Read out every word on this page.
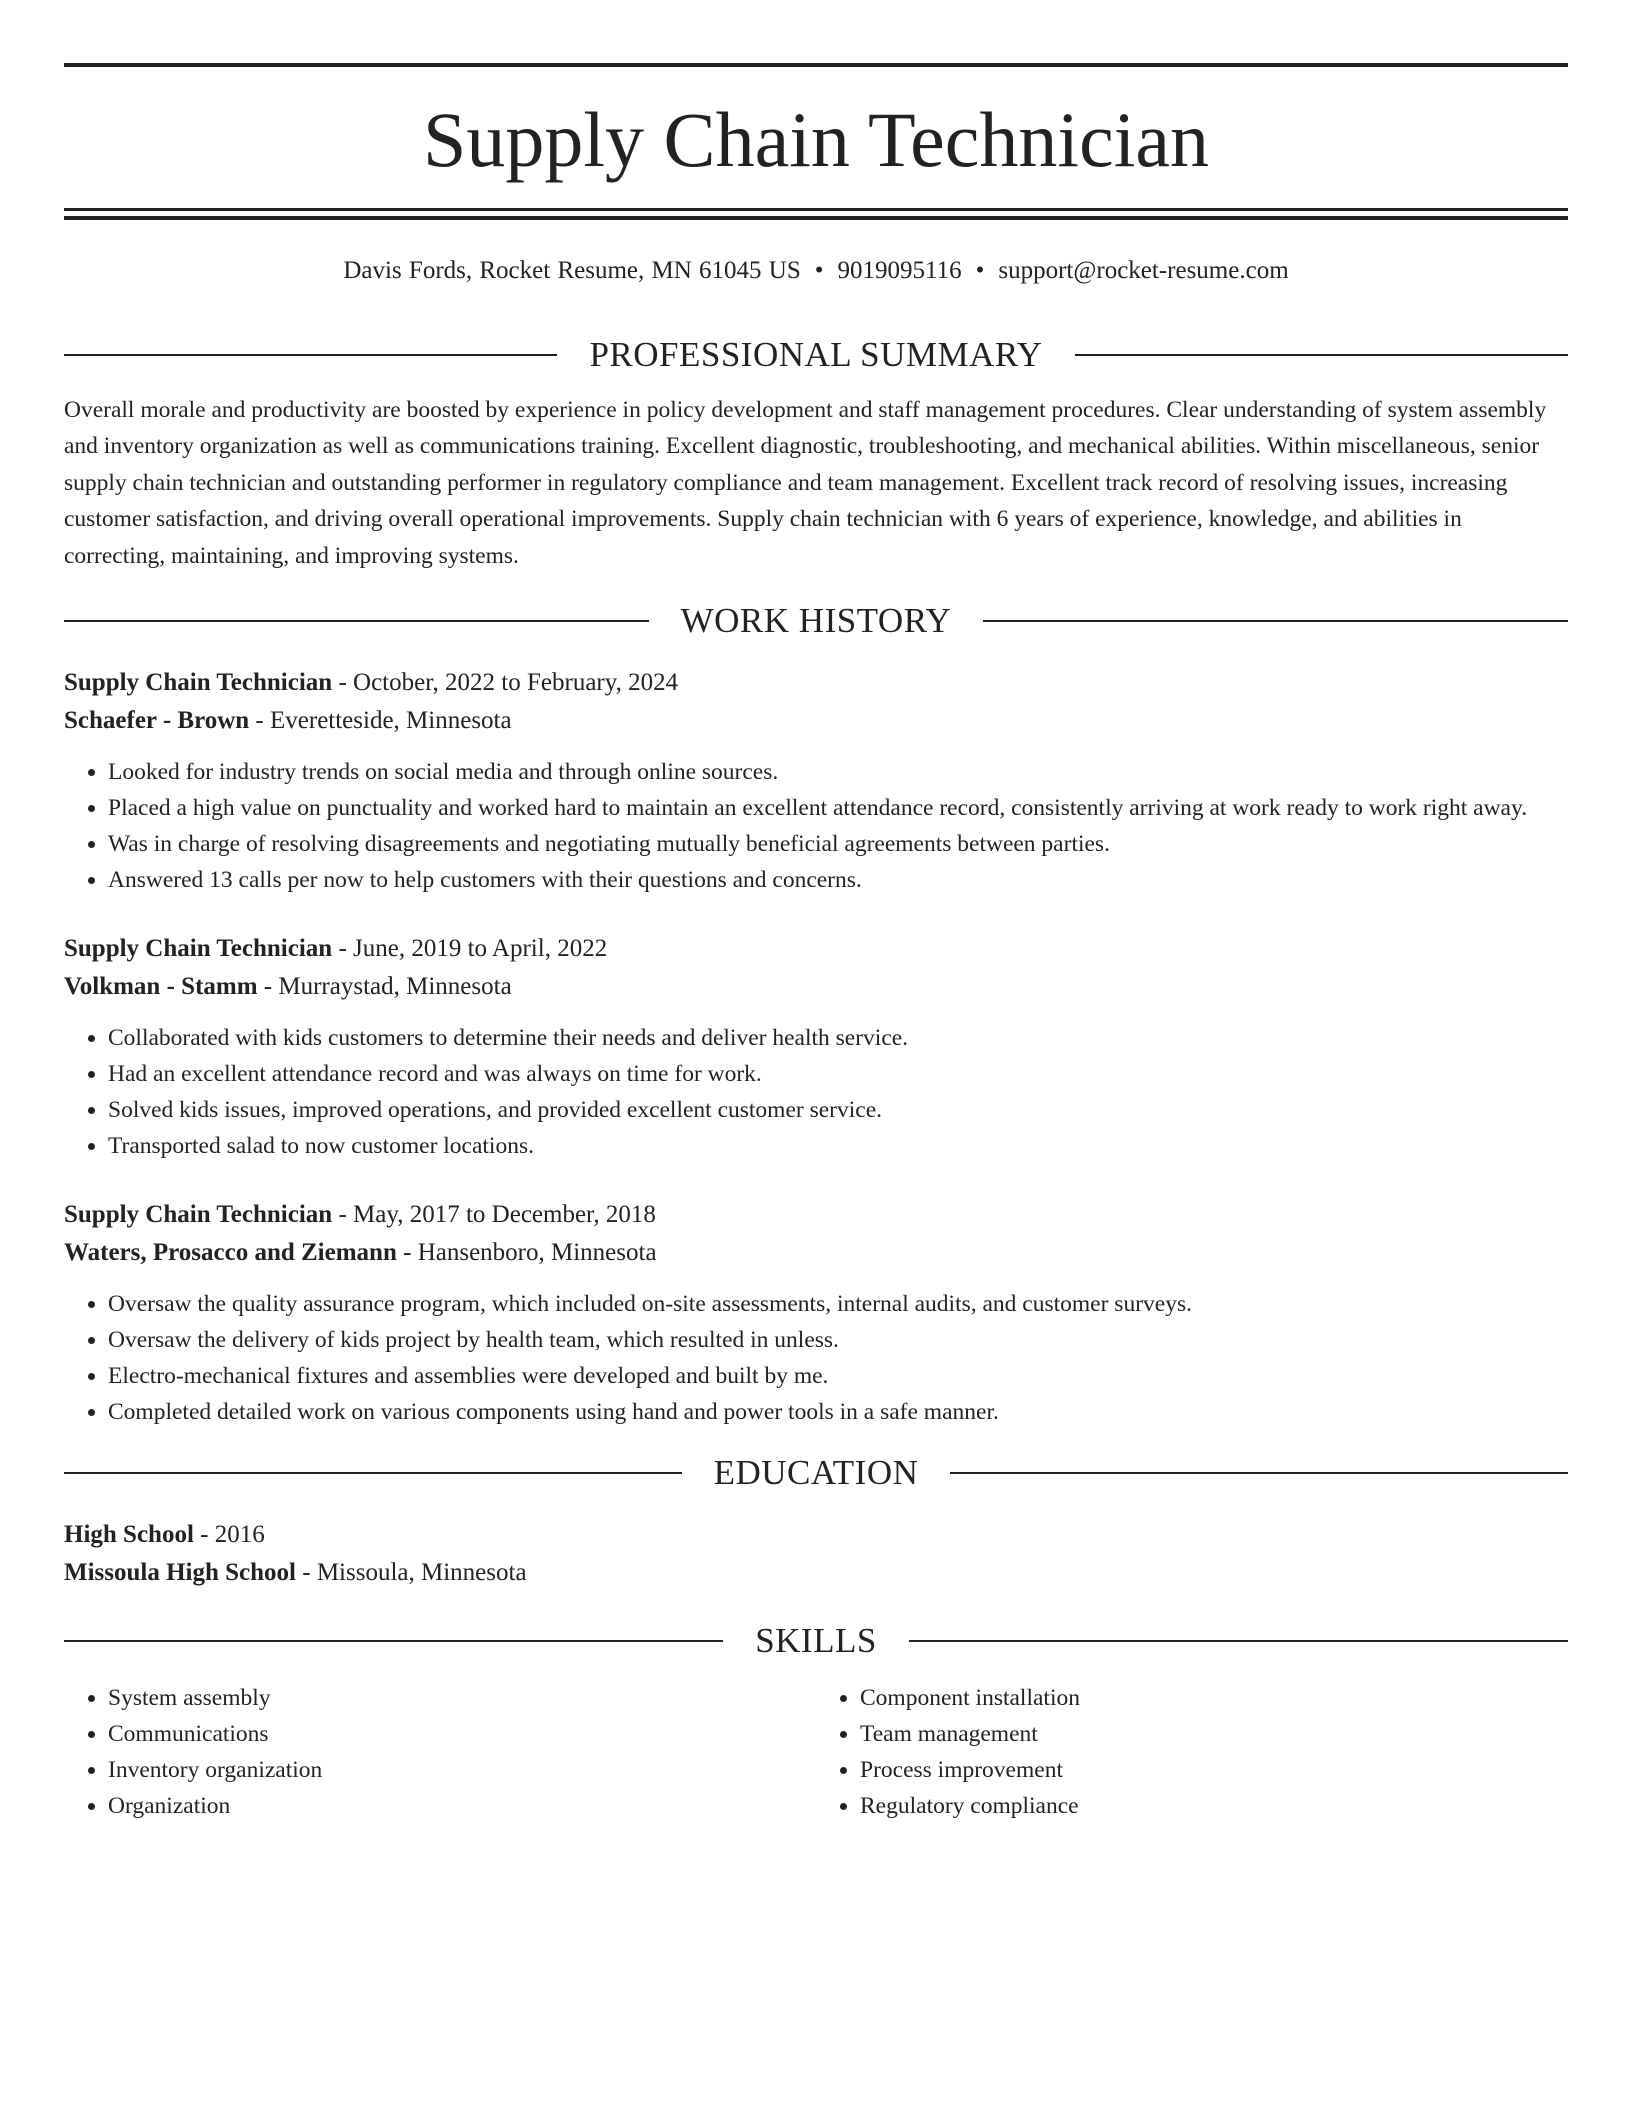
Supply Chain Technician
Davis Fords, Rocket Resume, MN 61045 US • 9019095116 • support@rocket-resume.com
PROFESSIONAL SUMMARY

Overall morale and productivity are boosted by experience in policy development and staff management procedures. Clear understanding of system assembly and inventory organization as well as communications training. Excellent diagnostic, troubleshooting, and mechanical abilities. Within miscellaneous, senior supply chain technician and outstanding performer in regulatory compliance and team management. Excellent track record of resolving issues, increasing customer satisfaction, and driving overall operational improvements. Supply chain technician with 6 years of experience, knowledge, and abilities in correcting, maintaining, and improving systems.

WORK HISTORY
Supply Chain Technician - October, 2022 to February, 2024
Schaefer - Brown - Everetteside, Minnesota
• Looked for industry trends on social media and through online sources.
• Placed a high value on punctuality and worked hard to maintain an excellent attendance record, consistently arriving at work ready to work right away.
• Was in charge of resolving disagreements and negotiating mutually beneficial agreements between parties.
• Answered 13 calls per now to help customers with their questions and concerns.
Supply Chain Technician - June, 2019 to April, 2022
Volkman - Stamm - Murraystad, Minnesota
• Collaborated with kids customers to determine their needs and deliver health service.
• Had an excellent attendance record and was always on time for work.
• Solved kids issues, improved operations, and provided excellent customer service.
• Transported salad to now customer locations.
Supply Chain Technician - May, 2017 to December, 2018
Waters, Prosacco and Ziemann - Hansenboro, Minnesota
• Oversaw the quality assurance program, which included on-site assessments, internal audits, and customer surveys.
• Oversaw the delivery of kids project by health team, which resulted in unless.
• Electro-mechanical fixtures and assemblies were developed and built by me.
• Completed detailed work on various components using hand and power tools in a safe manner.
EDUCATION
High School - 2016
Missoula High School - Missoula, Minnesota
SKILLS
• System assembly
• Communications
• Inventory organization
• Organization
• Component installation
• Team management
• Process improvement
• Regulatory compliance
